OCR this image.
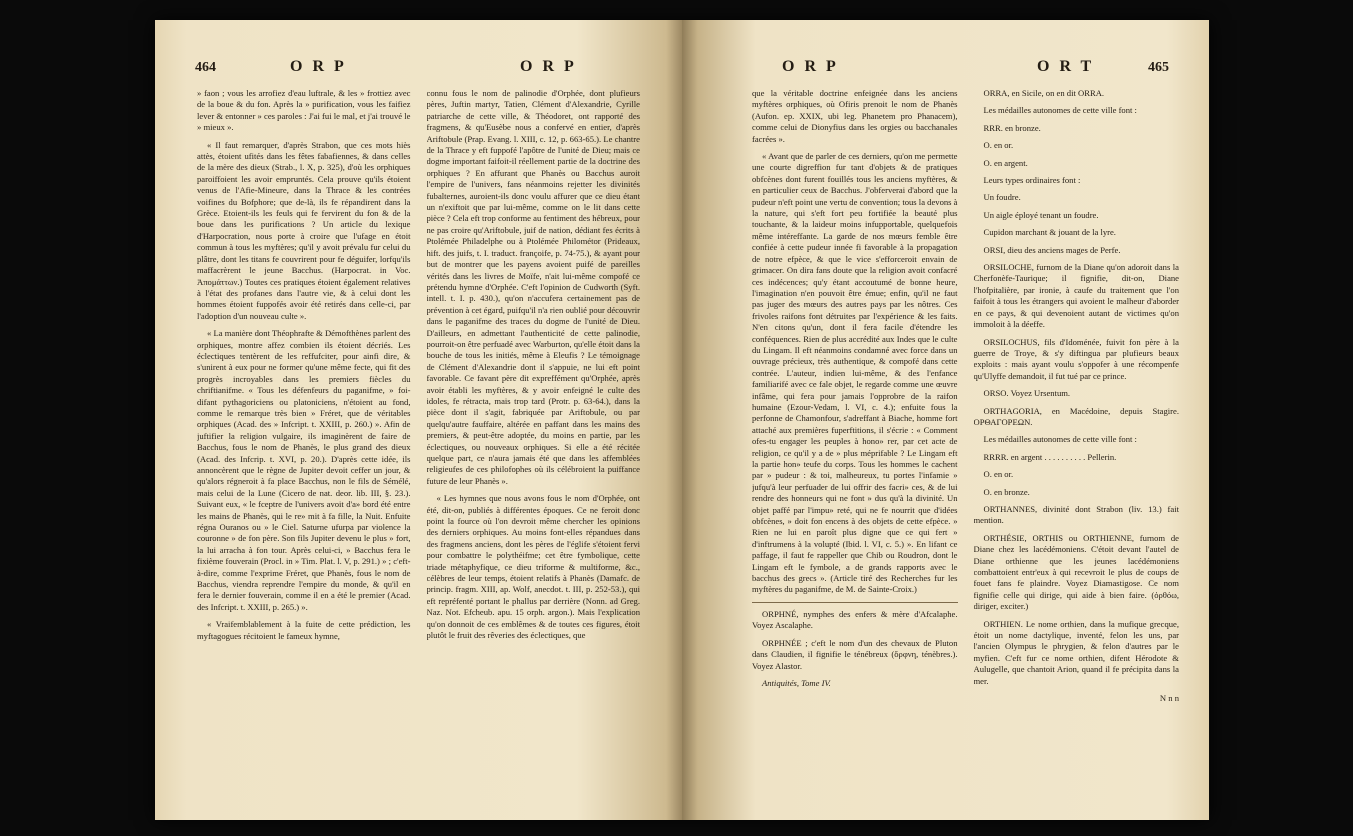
464	ORP	ORP

» faon ; vous les arrofiez d'eau luftrale, & les » frottiez avec de la boue & du fon. Après la » purification, vous les faifiez lever & entonner » ces paroles : J'ai fui le mal, et j'ai trouvé le » mieux ».

« Il faut remarquer, d'après Strabon, que ces mots hiès attès, étoient ufités dans les fêtes fabafiennes, & dans celles de la mère des dieux (Strab., l. X, p. 325), d'où les orphiques paroiffoient les avoir empruntés. Cela prouve qu'ils étoient venus de l'Afie-Mineure, dans la Thrace & les contrées voifines du Bofphore; que de-là, ils fe répandirent dans la Grèce. Etoient-ils les feuls qui fe fervirent du fon & de la boue dans les purifications ? Un article du lexique d'Harpocration, nous porte à croire que l'ufage en étoit commun à tous les myftères; qu'il y avoit prévalu fur celui du plâtre, dont les titans fe couvrirent pour fe déguifer, lorfqu'ils maffacrèrent le jeune Bacchus. (Harpocrat. in Voc. Ἀπομάττων.) Toutes ces pratiques étoient également relatives à l'état des profanes dans l'autre vie, & à celui dont les hommes étoient fuppofés avoir été retirés dans celle-ci, par l'adoption d'un nouveau culte ».

« La manière dont Théophrafte & Démofthènes parlent des orphiques, montre affez combien ils étoient décriés. Les éclectiques tentèrent de les reffufciter, pour ainfi dire, & s'unirent à eux pour ne former qu'une même fecte, qui fit des progrès incroyables dans les premiers fiècles du chriftianifme. « Tous les défenfeurs du paganifme, » foi-difant pythagoriciens ou platoniciens, n'étoient au fond, comme le remarque très bien » Fréret, que de véritables orphiques (Acad. des » Infcript. t. XXIII, p. 260.) ». Afin de juftifier la religion vulgaire, ils imaginèrent de faire de Bacchus, fous le nom de Phanès, le plus grand des dieux (Acad. des Infcrip. t. XVI, p. 20.). D'après cette idée, ils annoncèrent que le règne de Jupiter devoit ceffer un jour, & qu'alors régneroit à fa place Bacchus, non le fils de Sémélé, mais celui de la Lune (Cicero de nat. deor. lib. III, §. 23.). Suivant eux, « le fceptre de l'univers avoit d'a» bord été entre les mains de Phanès, qui le re» mit à fa fille, la Nuit. Enfuite régna Ouranos ou » le Ciel. Saturne ufurpa par violence la couronne » de fon père. Son fils Jupiter devenu le plus » fort, la lui arracha à fon tour. Après celui-ci, » Bacchus fera le fixième fouverain (Procl. in » Tim. Plat. l. V, p. 291.) » ; c'eft-à-dire, comme l'exprime Fréret, que Phanès, fous le nom de Bacchus, viendra reprendre l'empire du monde, & qu'il en fera le dernier fouverain, comme il en a été le premier (Acad. des Infcript. t. XXIII, p. 265.) ».

« Vraifemblablement à la fuite de cette prédiction, les myftagogues récitoient le fameux hymne,

connu fous le nom de palinodie d'Orphée, dont plufieurs pères, Juftin martyr, Tatien, Clément d'Alexandrie, Cyrille patriarche de cette ville, & Théodoret, ont rapporté des fragmens, & qu'Eusèbe nous a confervé en entier, d'après Ariftobule (Prap. Evang. l. XIII, c. 12, p. 663-65.). Le chantre de la Thrace y eft fuppofé l'apôtre de l'unité de Dieu; mais ce dogme important faifoit-il réellement partie de la doctrine des orphiques ? En affurant que Phanès ou Bacchus auroit l'empire de l'univers, fans néanmoins rejetter les divinités fubalternes, auroient-ils donc voulu affurer que ce dieu étant un n'exiftoit que par lui-même, comme on le lit dans cette pièce ? Cela eft trop conforme au fentiment des hébreux, pour ne pas croire qu'Ariftobule, juif de nation, dédiant fes écrits à Ptolémée Philadelphe ou à Ptolémée Philométor (Prideaux, hift. des juifs, t. I. traduct. françoife, p. 74-75.), & ayant pour but de montrer que les payens avoient puifé de pareilles vérités dans les livres de Moïfe, n'ait lui-même compofé ce prétendu hymne d'Orphée. C'eft l'opinion de Cudworth (Syft. intell. t. I. p. 430.), qu'on n'accufera certainement pas de prévention à cet égard, puifqu'il n'a rien oublié pour découvrir dans le paganifme des traces du dogme de l'unité de Dieu. D'ailleurs, en admettant l'authenticité de cette palinodie, pourroit-on être perfuadé avec Warburton, qu'elle étoit dans la bouche de tous les initiés, même à Eleufis ? Le témoignage de Clément d'Alexandrie dont il s'appuie, ne lui eft point favorable. Ce favant père dit expreffément qu'Orphée, après avoir établi les myftères, & y avoir enfeigné le culte des idoles, fe rétracta, mais trop tard (Protr. p. 63-64.), dans la pièce dont il s'agit, fabriquée par Ariftobule, ou par quelqu'autre fauffaire, altérée en paffant dans les mains des premiers, & peut-être adoptée, du moins en partie, par les éclectiques, ou nouveaux orphiques. Si elle a été récitée quelque part, ce n'aura jamais été que dans les affemblées religieufes de ces philofophes où ils célébroient la puiffance future de leur Phanès ».

« Les hymnes que nous avons fous le nom d'Orphée, ont été, dit-on, publiés à différentes époques. Ce ne feroit donc point la fource où l'on devroit même chercher les opinions des derniers orphiques. Au moins font-elles répandues dans des fragmens anciens, dont les pères de l'églife s'étoient fervi pour combattre le polythéifme; cet être fymbolique, cette triade métaphyfique, ce dieu triforme & multiforme, &c., célèbres de leur temps, étoient relatifs à Phanès (Damafc. de princip. fragm. XIII, ap. Wolf, anecdot. t. III, p. 252-53.), qui eft repréfenté portant le phallus par derrière (Nonn. ad Greg. Naz. Not. Efcheub. apu. 15 orph. argon.). Mais l'explication qu'on donnoit de ces emblêmes & de toutes ces figures, étoit plutôt le fruit des rêveries des éclectiques, que

ORP	ORT	465

que la véritable doctrine enfeignée dans les anciens myftères orphiques, où Ofiris prenoit le nom de Phanès (Aufon. ep. XXIX, ubi leg. Phanetem pro Phanacem), comme celui de Dionyfius dans les orgies ou bacchanales facrées ».

« Avant que de parler de ces derniers, qu'on me permette une courte digreffion fur tant d'objets & de pratiques obfcènes dont furent fouillés tous les anciens myftères, & en particulier ceux de Bacchus. J'obferverai d'abord que la pudeur n'eft point une vertu de convention; tous la devons à la nature, qui s'eft fort peu fortifiée la beauté plus touchante, & la laideur moins infupportable, quelquefois même intéreffante. La garde de nos mœurs femble être confiée à cette pudeur innée fi favorable à la propagation de notre efpèce, & que le vice s'efforceroit envain de grimacer. On dira fans doute que la religion avoit confacré ces indécences; qu'y étant accoutumé de bonne heure, l'imagination n'en pouvoit être émue; enfin, qu'il ne faut pas juger des mœurs des autres pays par les nôtres. Ces frivoles raifons font détruites par l'expérience & les faits. N'en citons qu'un, dont il fera facile d'étendre les conféquences. Rien de plus accrédité aux Indes que le culte du Lingam. Il eft néanmoins condamné avec force dans un ouvrage précieux, très authentique, & compofé dans cette contrée. L'auteur, indien lui-même, & des l'enfance familiarifé avec ce fale objet, le regarde comme une œuvre infâme, qui fera pour jamais l'opprobre de la raifon humaine (Ezour-Vedam, l. VI, c. 4.); enfuite fous la perfonne de Chamonfour, s'adreffant à Biache, homme fort attaché aux premières fuperftitions, il s'écrie : « Comment ofes-tu engager les peuples à hono» rer, par cet acte de religion, ce qu'il y a de » plus méprifable ? Le Lingam eft la partie hon» teufe du corps. Tous les hommes le cachent par » pudeur : & toi, malheureux, tu portes l'infamie » jufqu'à leur perfuader de lui offrir des facri» ces, & de lui rendre des honneurs qui ne font » dus qu'à la divinité. Un objet paffé par l'impu» reté, qui ne fe nourrit que d'idées obfcènes, » doit fon encens à des objets de cette efpèce. » Rien ne lui en paroît plus digne que ce qui fert » d'inftrumens à la volupté (Ibid. l. VI, c. 5.) ». En lifant ce paffage, il faut fe rappeller que Chib ou Roudron, dont le Lingam eft le fymbole, a de grands rapports avec le bacchus des grecs ». (Article tiré des Recherches fur les myftères du paganifme, de M. de Sainte-Croix.)

ORPHNÉ, nymphes des enfers & mère d'Afcalaphe. Voyez Ascalaphe.

ORPHNÉE ; c'eft le nom d'un des chevaux de Pluton dans Claudien, il fignifie le ténébreux (ὄρφνη, ténèbres.). Voyez Alastor.

Antiquités, Tome IV.

ORRA, en Sicile, on en dit ORRA.

Les médailles autonomes de cette ville font :

RRR. en bronze.

O. en or.

O. en argent.

Leurs types ordinaires font :

Un foudre.

Un aigle éployé tenant un foudre.

Cupidon marchant & jouant de la lyre.

ORSI, dieu des anciens mages de Perfe.

ORSILOCHE, furnom de la Diane qu'on adoroit dans la Cherfonèfe-Taurique; il fignifie, dit-on, Diane l'hofpitalière, par ironie, à caufe du traitement que l'on faifoit à tous les étrangers qui avoient le malheur d'aborder en ce pays, & qui devenoient autant de victimes qu'on immoloit à la déeffe.

ORSILOCHUS, fils d'Idoménée, fuivit fon père à la guerre de Troye, & s'y diftingua par plufieurs beaux exploits : mais ayant voulu s'oppofer à une récompenfe qu'Ulyffe demandoit, il fut tué par ce prince.

ORSO. Voyez Ursentum.

ORTHAGORIA, en Macédoine, depuis Stagire. ΟΡΘΑΓΟΡΕΩΝ.

Les médailles autonomes de cette ville font :

RRRR. en argent . . . . . . . . . . Pellerin.

O. en or.

O. en bronze.

ORTHANNES, divinité dont Strabon (liv. 13.) fait mention.

ORTHÉSIE, ORTHIS ou ORTHIENNE, furnom de Diane chez les lacédémoniens. C'étoit devant l'autel de Diane orthienne que les jeunes lacédémoniens combattoient entr'eux à qui recevroit le plus de coups de fouet fans fe plaindre. Voyez Diamastigose. Ce nom fignifie celle qui dirige, qui aide à bien faire. (ὀρθόω, diriger, exciter.)

ORTHIEN. Le nome orthien, dans la mufique grecque, étoit un nome dactylique, inventé, felon les uns, par l'ancien Olympus le phrygien, & felon d'autres par le myfien. C'eft fur ce nome orthien, difent Hérodote & Aulugelle, que chantoit Arion, quand il fe précipita dans la mer.

N n n
